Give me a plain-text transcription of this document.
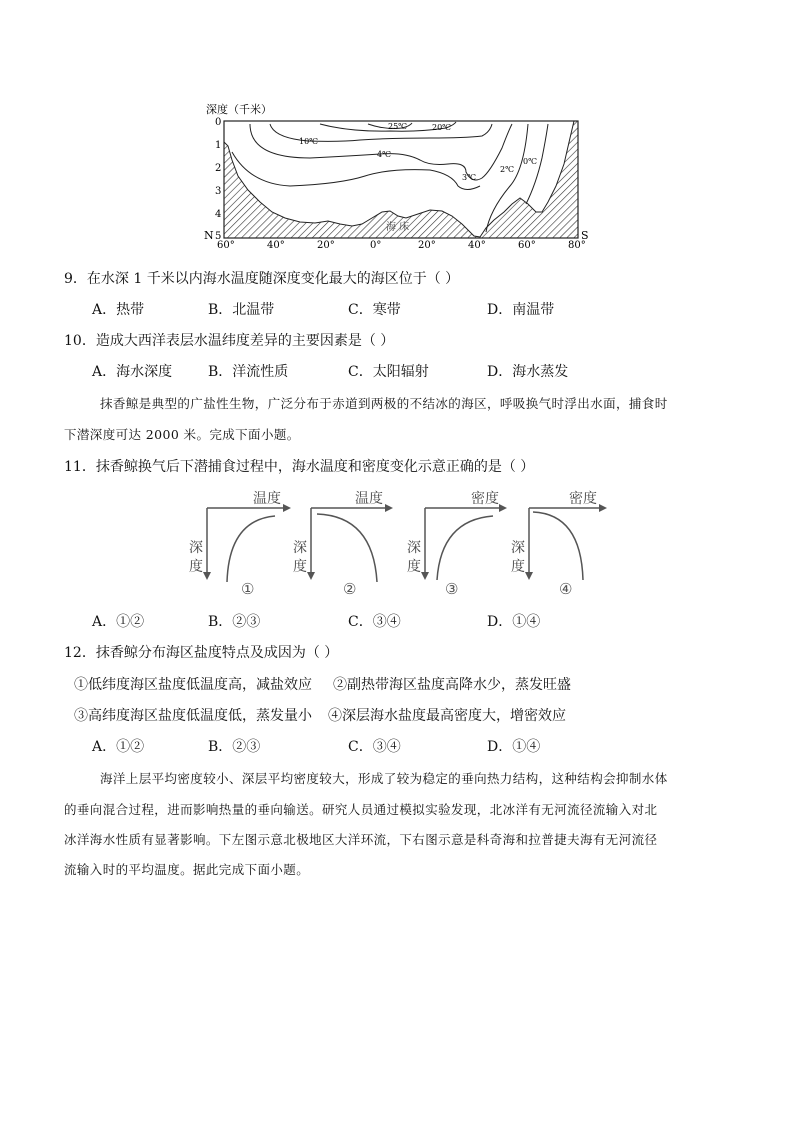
深度（千米）
0
1
2
3
4
5
N	S
60°	40°	20°	0°	20°	40°	60°	80°
海 床
25℃	20℃
10℃
4℃
3℃
2℃
0℃
9．在水深 1 千米以内海水温度随深度变化最大的海区位于（ ）
A．热带	B．北温带	C．寒带	D．南温带
10．造成大西洋表层水温纬度差异的主要因素是（ ）
A．海水深度	B．洋流性质	C．太阳辐射	D．海水蒸发
抹香鲸是典型的广盐性生物，广泛分布于赤道到两极的不结冰的海区，呼吸换气时浮出水面，捕食时
下潜深度可达 2000 米。完成下面小题。
11．抹香鲸换气后下潜捕食过程中，海水温度和密度变化示意正确的是（ ）
温度
深
度
①
温度
深
度
②
密度
深
度
③
密度
深
度
④
A．①②	B．②③	C．③④	D．①④
12．抹香鲸分布海区盐度特点及成因为（ ）
①低纬度海区盐度低温度高，减盐效应 ②副热带海区盐度高降水少，蒸发旺盛
③高纬度海区盐度低温度低，蒸发量小 ④深层海水盐度最高密度大，增密效应
A．①②	B．②③	C．③④	D．①④
海洋上层平均密度较小、深层平均密度较大，形成了较为稳定的垂向热力结构，这种结构会抑制水体
的垂向混合过程，进而影响热量的垂向输送。研究人员通过模拟实验发现，北冰洋有无河流径流输入对北
冰洋海水性质有显著影响。下左图示意北极地区大洋环流，下右图示意是科奇海和拉普捷夫海有无河流径
流输入时的平均温度。据此完成下面小题。
